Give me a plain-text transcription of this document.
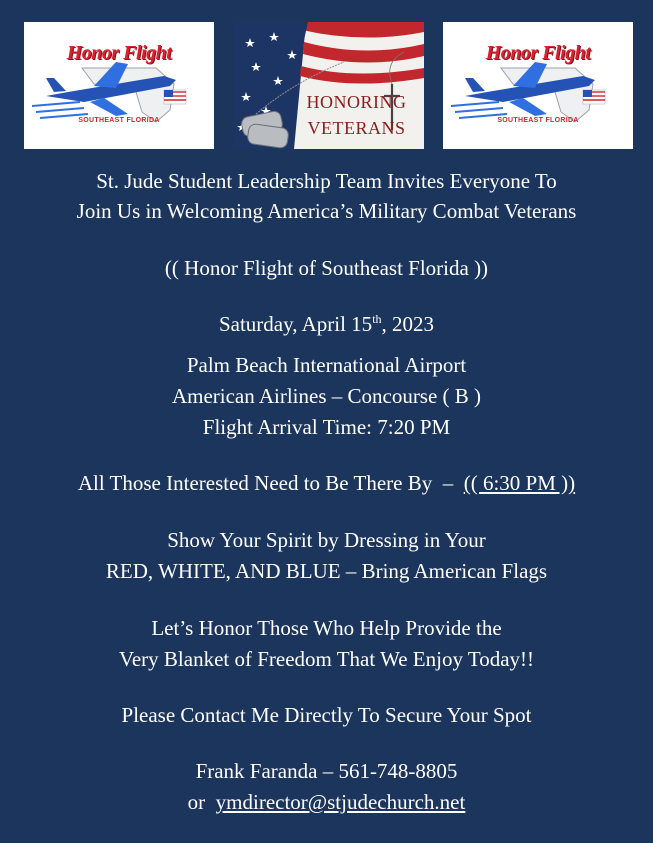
Honor Flight
SOUTHEAST FLORIDA
HONORING
VETERANS
Honor Flight
SOUTHEAST FLORIDA
St. Jude Student Leadership Team Invites Everyone To
Join Us in Welcoming America’s Military Combat Veterans
(( Honor Flight of Southeast Florida ))
Saturday, April 15th, 2023
Palm Beach International Airport
American Airlines – Concourse ( B )
Flight Arrival Time: 7:20 PM
All Those Interested Need to Be There By  –  (( 6:30 PM ))
Show Your Spirit by Dressing in Your
RED, WHITE, AND BLUE – Bring American Flags
Let’s Honor Those Who Help Provide the
Very Blanket of Freedom That We Enjoy Today!!
Please Contact Me Directly To Secure Your Spot
Frank Faranda – 561-748-8805
or  ymdirector@stjudechurch.net
